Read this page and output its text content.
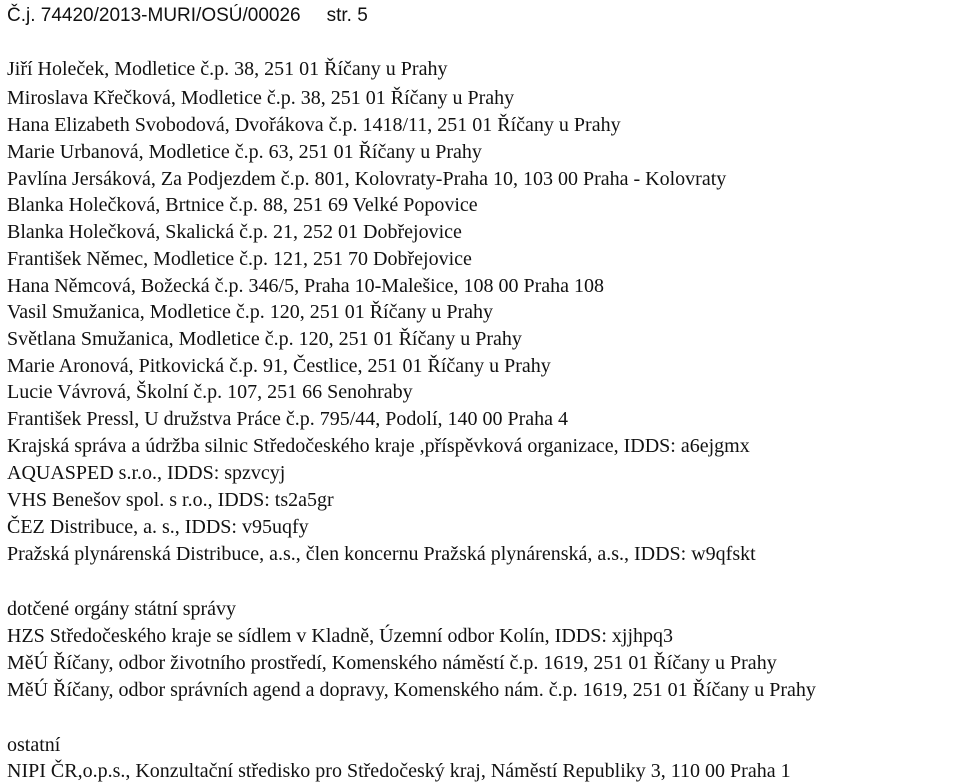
Č.j. 74420/2013-MURI/OSÚ/00026 str. 5
Jiří Holeček, Modletice č.p. 38, 251 01 Říčany u Prahy
Miroslava Křečková, Modletice č.p. 38, 251 01 Říčany u Prahy
Hana Elizabeth Svobodová, Dvořákova č.p. 1418/11, 251 01 Říčany u Prahy
Marie Urbanová, Modletice č.p. 63, 251 01 Říčany u Prahy
Pavlína Jersáková, Za Podjezdem č.p. 801, Kolovraty-Praha 10, 103 00 Praha - Kolovraty
Blanka Holečková, Brtnice č.p. 88, 251 69 Velké Popovice
Blanka Holečková, Skalická č.p. 21, 252 01 Dobřejovice
František Němec, Modletice č.p. 121, 251 70 Dobřejovice
Hana Němcová, Božecká č.p. 346/5, Praha 10-Malešice, 108 00 Praha 108
Vasil Smužanica, Modletice č.p. 120, 251 01 Říčany u Prahy
Světlana Smužanica, Modletice č.p. 120, 251 01 Říčany u Prahy
Marie Aronová, Pitkovická č.p. 91, Čestlice, 251 01 Říčany u Prahy
Lucie Vávrová, Školní č.p. 107, 251 66 Senohraby
František Pressl, U družstva Práce č.p. 795/44, Podolí, 140 00 Praha 4
Krajská správa a údržba silnic Středočeského kraje ,příspěvková organizace, IDDS: a6ejgmx
AQUASPED s.r.o., IDDS: spzvcyj
VHS Benešov spol. s r.o., IDDS: ts2a5gr
ČEZ Distribuce, a. s., IDDS: v95uqfy
Pražská plynárenská Distribuce, a.s., člen koncernu Pražská plynárenská, a.s., IDDS: w9qfskt
dotčené orgány státní správy
HZS Středočeského kraje se sídlem v Kladně, Územní odbor Kolín, IDDS: xjjhpq3
MěÚ Říčany, odbor životního prostředí, Komenského náměstí č.p. 1619, 251 01 Říčany u Prahy
MěÚ Říčany, odbor správních agend a dopravy, Komenského nám. č.p. 1619, 251 01 Říčany u Prahy
ostatní
NIPI ČR,o.p.s., Konzultační středisko pro Středočeský kraj, Náměstí Republiky 3, 110 00 Praha 1
